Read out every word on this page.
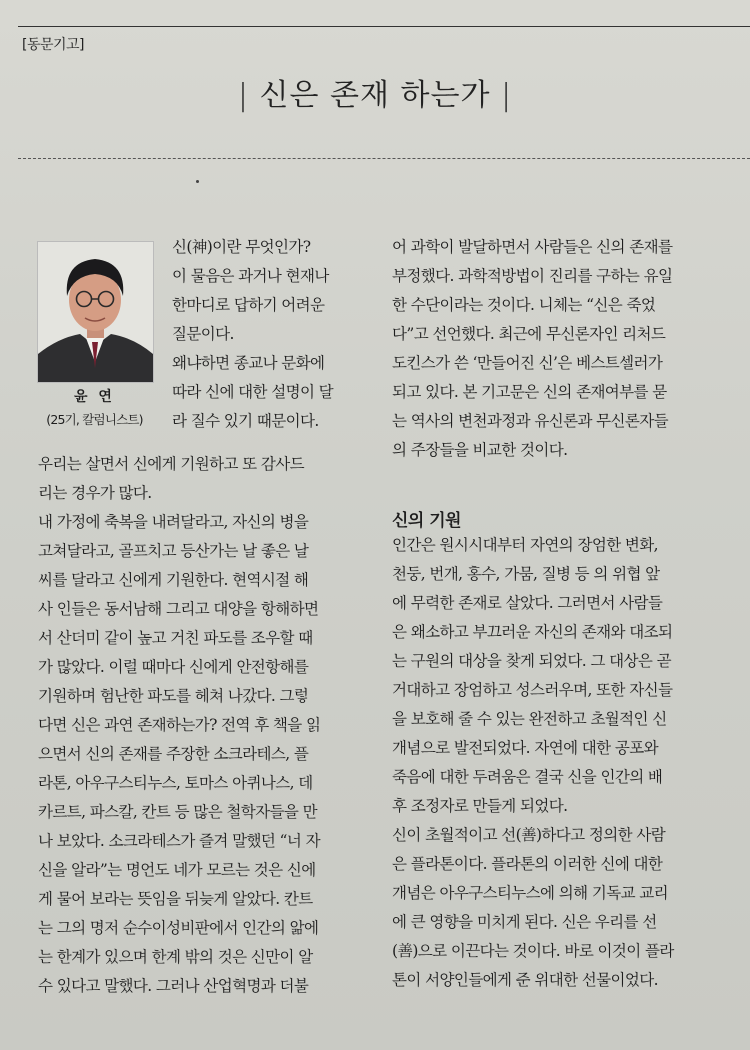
[동문기고]
| 신은 존재 하는가 |
윤 연
(25기, 칼럼니스트)

신(神)이란 무엇인가?

이 물음은 과거나 현재나

한마디로 답하기 어려운

질문이다.

왜냐하면 종교나 문화에

따라 신에 대한 설명이 달

라 질수 있기 때문이다.

우리는 살면서 신에게 기원하고 또 감사드

리는 경우가 많다.

내 가정에 축복을 내려달라고, 자신의 병을

고쳐달라고, 골프치고 등산가는 날 좋은 날

씨를 달라고 신에게 기원한다. 현역시절 해

사 인들은 동서남해 그리고 대양을 항해하면

서 산더미 같이 높고 거친 파도를 조우할 때

가 많았다. 이럴 때마다 신에게 안전항해를

기원하며 험난한 파도를 헤쳐 나갔다. 그렇

다면 신은 과연 존재하는가? 전역 후 책을 읽

으면서 신의 존재를 주장한 소크라테스, 플

라톤, 아우구스티누스, 토마스 아퀴나스, 데

카르트, 파스칼, 칸트 등 많은 철학자들을 만

나 보았다. 소크라테스가 즐겨 말했던 “너 자

신을 알라”는 명언도 네가 모르는 것은 신에

게 물어 보라는 뜻임을 뒤늦게 알았다. 칸트

는 그의 명저 순수이성비판에서 인간의 앎에

는 한계가 있으며 한계 밖의 것은 신만이 알

수 있다고 말했다. 그러나 산업혁명과 더불

어 과학이 발달하면서 사람들은 신의 존재를

부정했다. 과학적방법이 진리를 구하는 유일

한 수단이라는 것이다. 니체는 “신은 죽었

다”고 선언했다. 최근에 무신론자인 리처드

도킨스가 쓴 ‘만들어진 신’은 베스트셀러가

되고 있다. 본 기고문은 신의 존재여부를 묻

는 역사의 변천과정과 유신론과 무신론자들

의 주장들을 비교한 것이다.

신의 기원

인간은 원시시대부터 자연의 장엄한 변화,

천둥, 번개, 홍수, 가뭄, 질병 등 의 위협 앞

에 무력한 존재로 살았다. 그러면서 사람들

은 왜소하고 부끄러운 자신의 존재와 대조되

는 구원의 대상을 찾게 되었다. 그 대상은 곧

거대하고 장엄하고 성스러우며, 또한 자신들

을 보호해 줄 수 있는 완전하고 초월적인 신

개념으로 발전되었다. 자연에 대한 공포와

죽음에 대한 두려움은 결국 신을 인간의 배

후 조정자로 만들게 되었다.

신이 초월적이고 선(善)하다고 정의한 사람

은 플라톤이다. 플라톤의 이러한 신에 대한

개념은 아우구스티누스에 의해 기독교 교리

에 큰 영향을 미치게 된다. 신은 우리를 선

(善)으로 이끈다는 것이다. 바로 이것이 플라

톤이 서양인들에게 준 위대한 선물이었다.
